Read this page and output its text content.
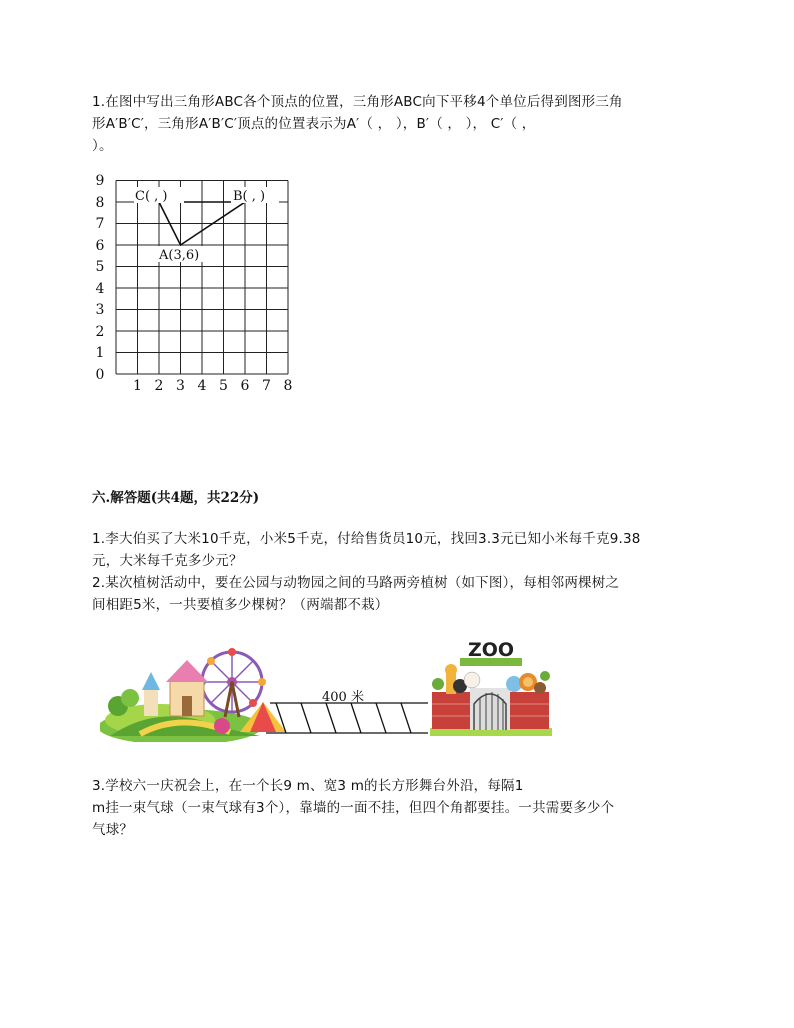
1.在图中写出三角形ABC各个顶点的位置，三角形ABC向下平移4个单位后得到图形三角
形A′B′C′，三角形A′B′C′顶点的位置表示为A′（ ， ），B′（ ， ）， C′（ ，
）。
9
8
7
6
5
4
3
2
1
0
1 2 3 4 5 6 7 8
C( , )	B( , )
A(3,6)
六.解答题(共4题，共22分)
1.李大伯买了大米10千克，小米5千克，付给售货员10元，找回3.3元已知小米每千克9.38
元，大米每千克多少元？
2.某次植树活动中，要在公园与动物园之间的马路两旁植树（如下图），每相邻两棵树之
间相距5米，一共要植多少棵树？（两端都不栽）
400 米
ZOO
3.学校六一庆祝会上，在一个长9 m、宽3 m的长方形舞台外沿，每隔1
m挂一束气球（一束气球有3个），靠墙的一面不挂，但四个角都要挂。一共需要多少个
气球？
